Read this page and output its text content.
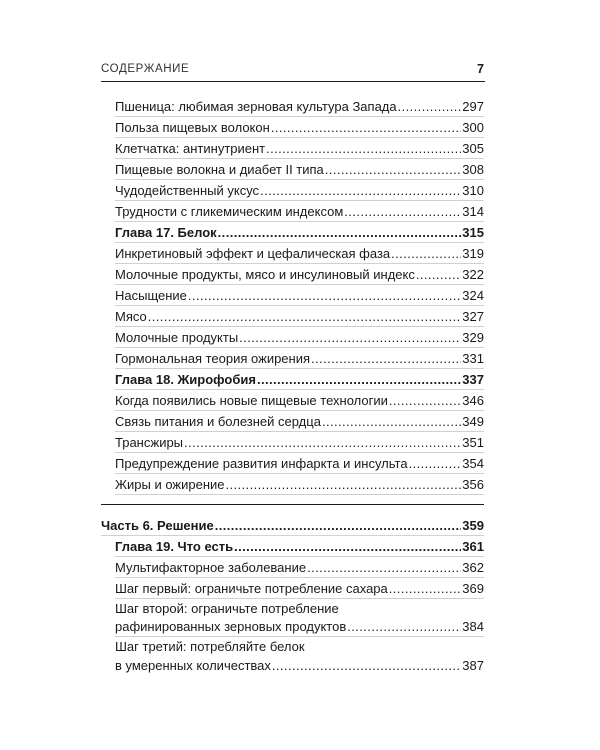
СОДЕРЖАНИЕ	7
Пшеница: любимая зерновая культура Запада .....	297
Польза пищевых волокон .....	300
Клетчатка: антинутриент .....	305
Пищевые волокна и диабет II типа .....	308
Чудодейственный уксус .....	310
Трудности с гликемическим индексом .....	314
Глава 17. Белок .....	315
Инкретиновый эффект и цефалическая фаза .....	319
Молочные продукты, мясо и инсулиновый индекс .....	322
Насыщение .....	324
Мясо .....	327
Молочные продукты .....	329
Гормональная теория ожирения .....	331
Глава 18. Жирофобия .....	337
Когда появились новые пищевые технологии .....	346
Связь питания и болезней сердца .....	349
Трансжиры .....	351
Предупреждение развития инфаркта и инсульта .....	354
Жиры и ожирение .....	356
Часть 6. Решение .....	359
Глава 19. Что есть .....	361
Мультифакторное заболевание .....	362
Шаг первый: ограничьте потребление сахара .....	369
Шаг второй: ограничьте потребление
рафинированных зерновых продуктов .....	384
Шаг третий: потребляйте белок
в умеренных количествах .....	387
